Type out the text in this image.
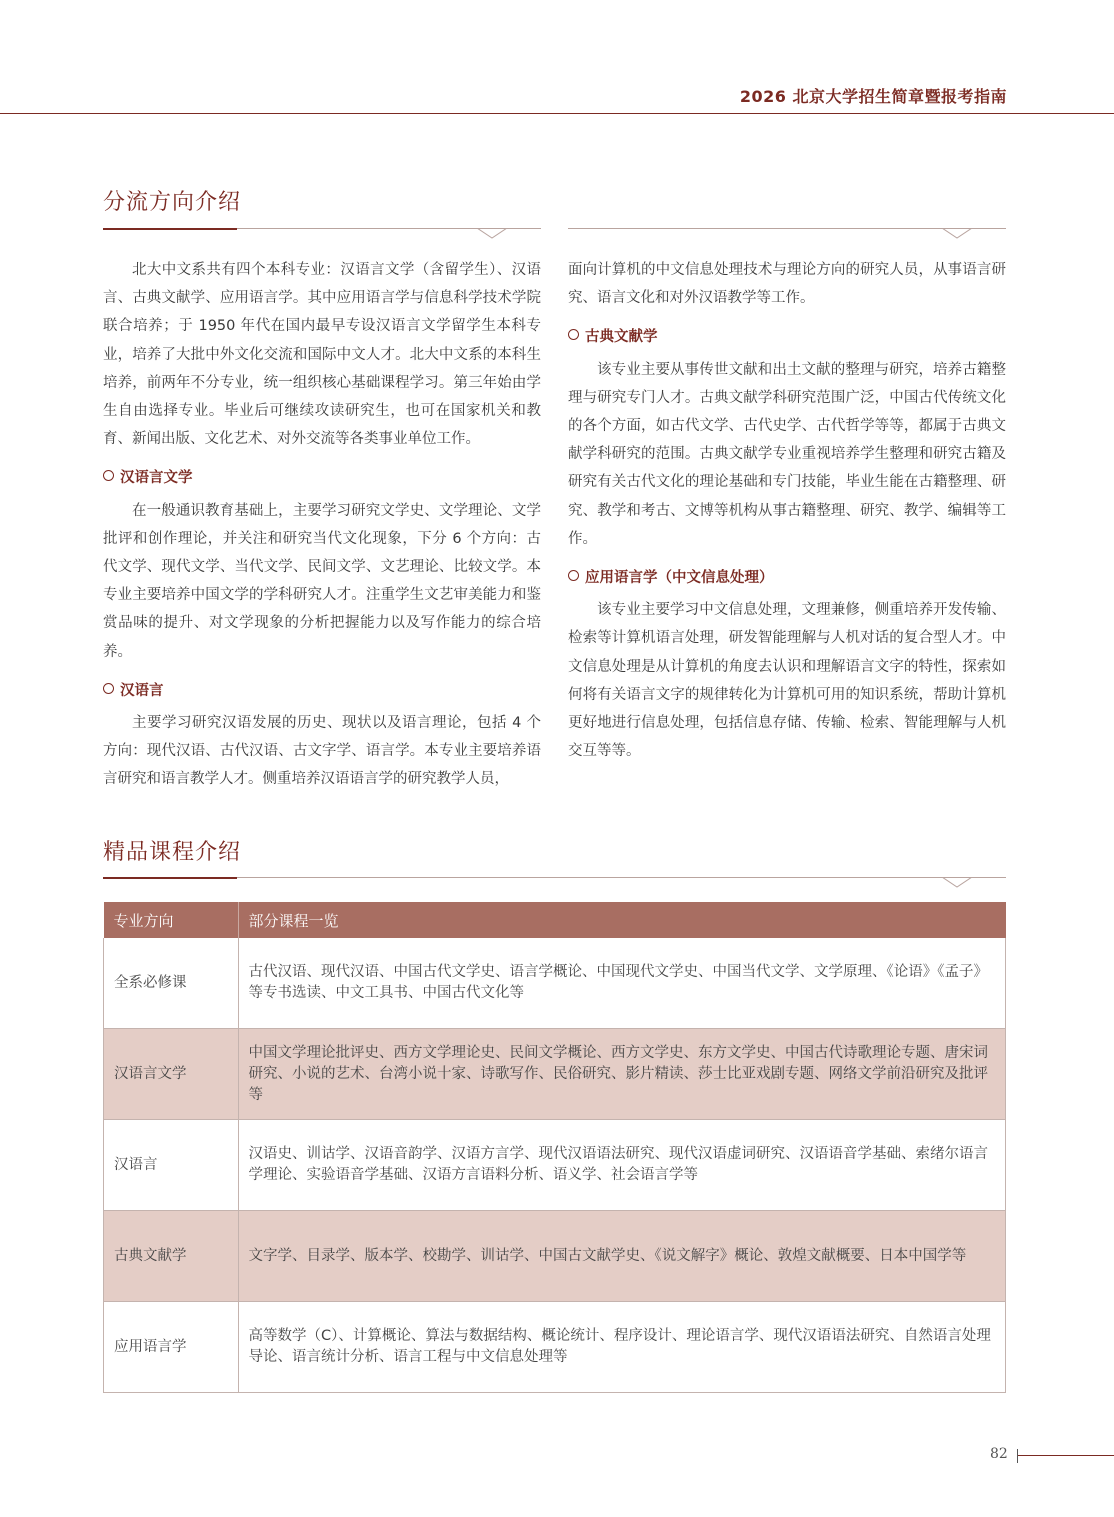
2026 北京大学招生简章暨报考指南
分流方向介绍

北大中文系共有四个本科专业：汉语言文学（含留学生）、汉语言、古典文献学、应用语言学。其中应用语言学与信息科学技术学院联合培养；于 1950 年代在国内最早专设汉语言文学留学生本科专业，培养了大批中外文化交流和国际中文人才。北大中文系的本科生培养，前两年不分专业，统一组织核心基础课程学习。第三年始由学生自由选择专业。毕业后可继续攻读研究生，也可在国家机关和教育、新闻出版、文化艺术、对外交流等各类事业单位工作。

汉语言文学

在一般通识教育基础上，主要学习研究文学史、文学理论、文学批评和创作理论，并关注和研究当代文化现象，下分 6 个方向：古代文学、现代文学、当代文学、民间文学、文艺理论、比较文学。本专业主要培养中国文学的学科研究人才。注重学生文艺审美能力和鉴赏品味的提升、对文学现象的分析把握能力以及写作能力的综合培养。

汉语言

主要学习研究汉语发展的历史、现状以及语言理论，包括 4 个方向：现代汉语、古代汉语、古文字学、语言学。本专业主要培养语言研究和语言教学人才。侧重培养汉语语言学的研究教学人员，

面向计算机的中文信息处理技术与理论方向的研究人员，从事语言研究、语言文化和对外汉语教学等工作。

古典文献学

该专业主要从事传世文献和出土文献的整理与研究，培养古籍整理与研究专门人才。古典文献学科研究范围广泛，中国古代传统文化的各个方面，如古代文学、古代史学、古代哲学等等，都属于古典文献学科研究的范围。古典文献学专业重视培养学生整理和研究古籍及研究有关古代文化的理论基础和专门技能，毕业生能在古籍整理、研究、教学和考古、文博等机构从事古籍整理、研究、教学、编辑等工作。

应用语言学（中文信息处理）

该专业主要学习中文信息处理，文理兼修，侧重培养开发传输、检索等计算机语言处理，研发智能理解与人机对话的复合型人才。中文信息处理是从计算机的角度去认识和理解语言文字的特性，探索如何将有关语言文字的规律转化为计算机可用的知识系统，帮助计算机更好地进行信息处理，包括信息存储、传输、检索、智能理解与人机交互等等。

精品课程介绍
专业方向	部分课程一览
全系必修课	古代汉语、现代汉语、中国古代文学史、语言学概论、中国现代文学史、中国当代文学、文学原理、《论语》《孟子》等专书选读、中文工具书、中国古代文化等
汉语言文学	中国文学理论批评史、西方文学理论史、民间文学概论、西方文学史、东方文学史、中国古代诗歌理论专题、唐宋词研究、小说的艺术、台湾小说十家、诗歌写作、民俗研究、影片精读、莎士比亚戏剧专题、网络文学前沿研究及批评等
汉语言	汉语史、训诂学、汉语音韵学、汉语方言学、现代汉语语法研究、现代汉语虚词研究、汉语语音学基础、索绪尔语言学理论、实验语音学基础、汉语方言语料分析、语义学、社会语言学等
古典文献学	文字学、目录学、版本学、校勘学、训诂学、中国古文献学史、《说文解字》概论、敦煌文献概要、日本中国学等
应用语言学	高等数学（C）、计算概论、算法与数据结构、概论统计、程序设计、理论语言学、现代汉语语法研究、自然语言处理导论、语言统计分析、语言工程与中文信息处理等
82
